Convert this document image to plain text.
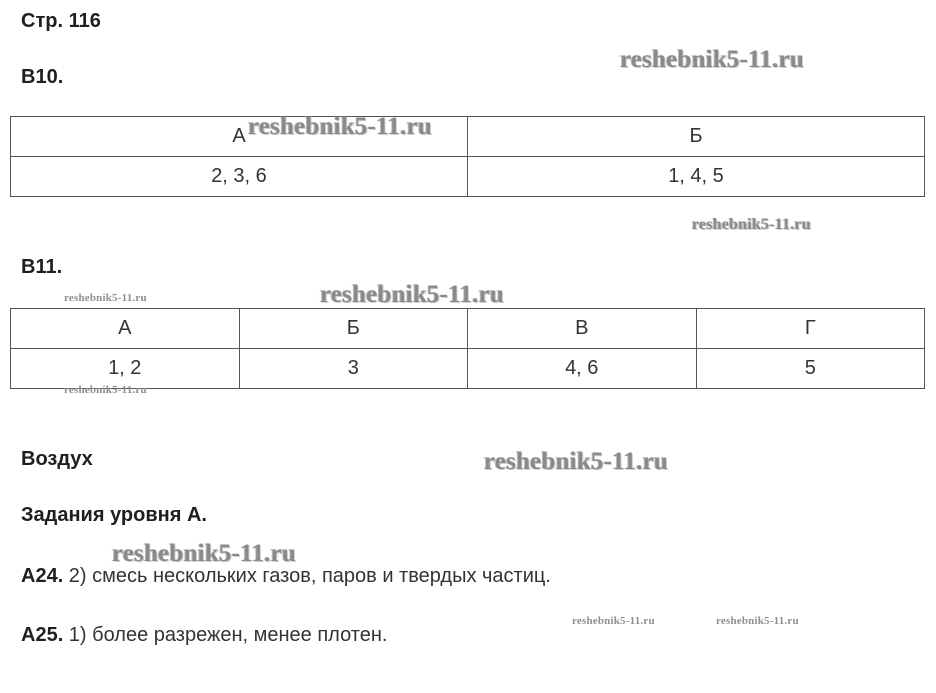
Стр. 116
В10.
А	Б
2, 3, 6	1, 4, 5
В11.
А	Б	В	Г
1, 2	3	4, 6	5
Воздух
Задания уровня А.
А24. 2) смесь нескольких газов, паров и твердых частиц.
А25. 1) более разрежен, менее плотен.
reshebnik5-11.ru
reshebnik5-11.ru
reshebnik5-11.ru
reshebnik5-11.ru
reshebnik5-11.ru
reshebnik5-11.ru
reshebnik5-11.ru
reshebnik5-11.ru
reshebnik5-11.ru	reshebnik5-11.ru
